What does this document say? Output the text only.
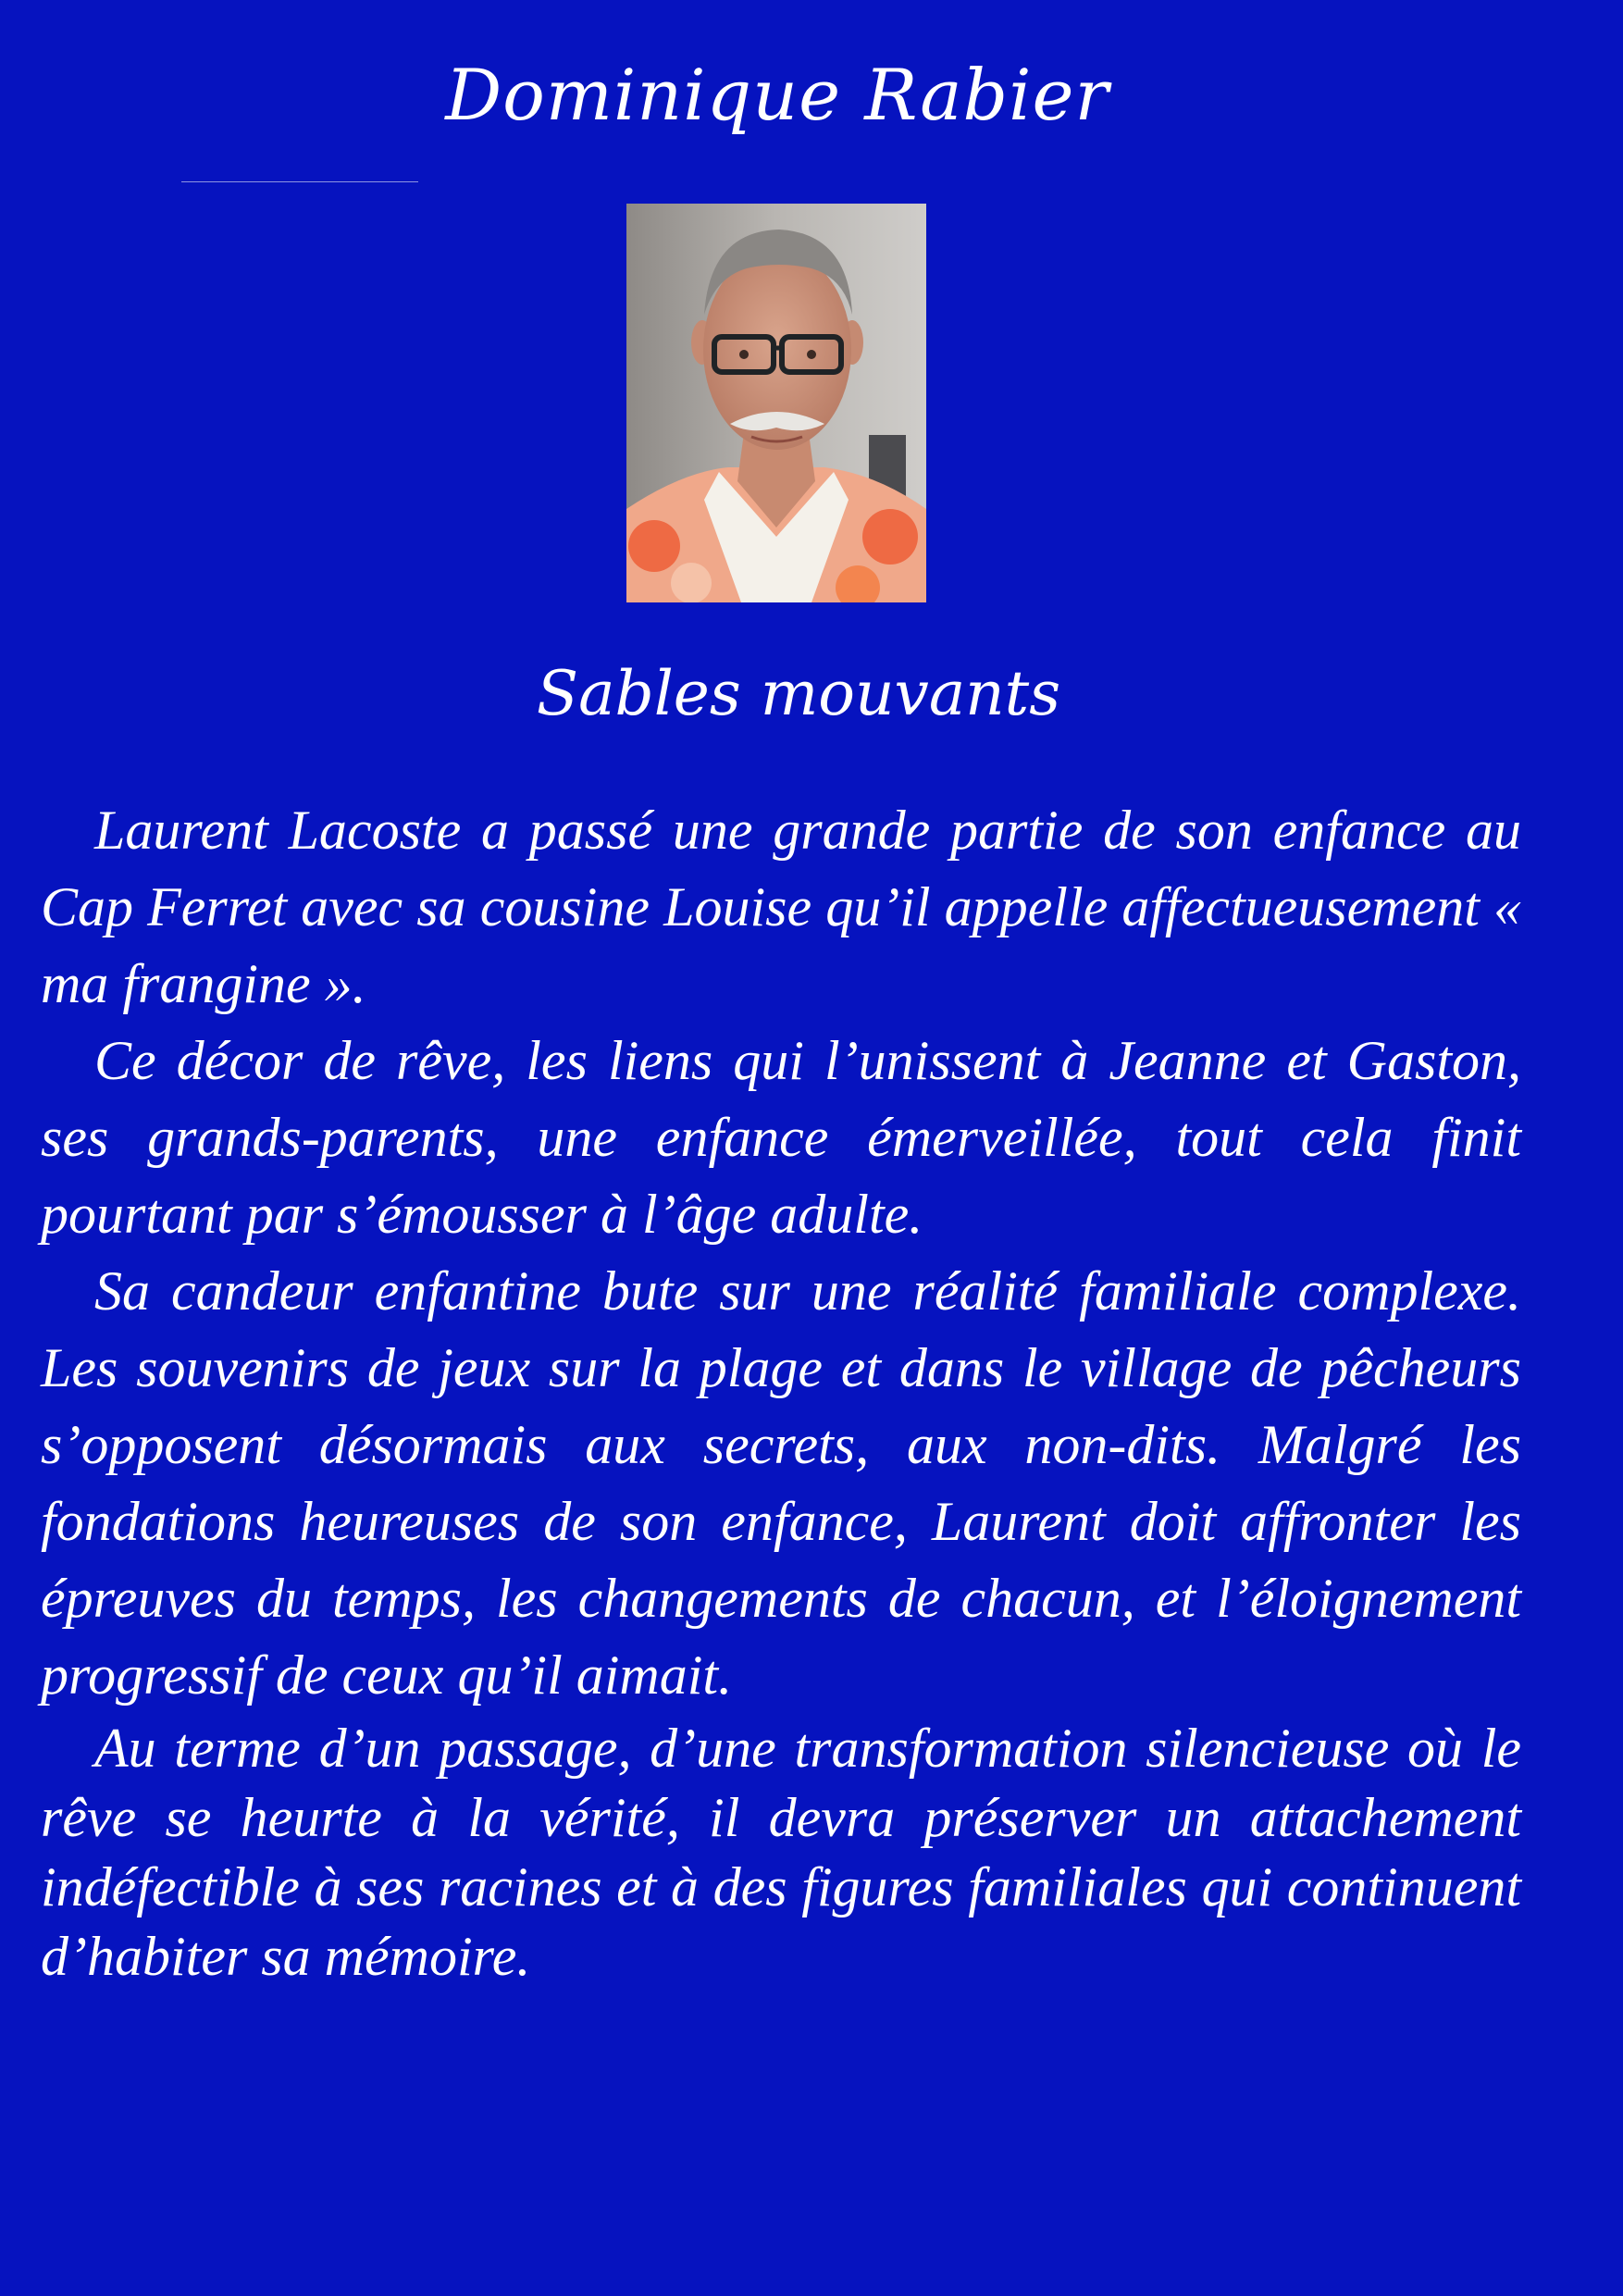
Dominique Rabier
Sables mouvants

Laurent Lacoste a passé une grande partie de son enfance au Cap Ferret avec sa cousine Louise qu’il appelle affectueusement « ma frangine ».

Ce décor de rêve, les liens qui l’unissent à Jeanne et Gaston, ses grands-parents, une enfance émerveillée, tout cela finit pourtant par s’émousser à l’âge adulte.

Sa candeur enfantine bute sur une réalité familiale complexe. Les souvenirs de jeux sur la plage et dans le village de pêcheurs s’opposent désormais aux secrets, aux non-dits. Malgré les fondations heureuses de son enfance, Laurent doit affronter les épreuves du temps, les changements de chacun, et l’éloignement progressif de ceux qu’il aimait.

Au terme d’un passage, d’une transformation silencieuse où le rêve se heurte à la vérité, il devra préserver un attachement indéfectible à ses racines et à des figures familiales qui continuent d’habiter sa mémoire.
